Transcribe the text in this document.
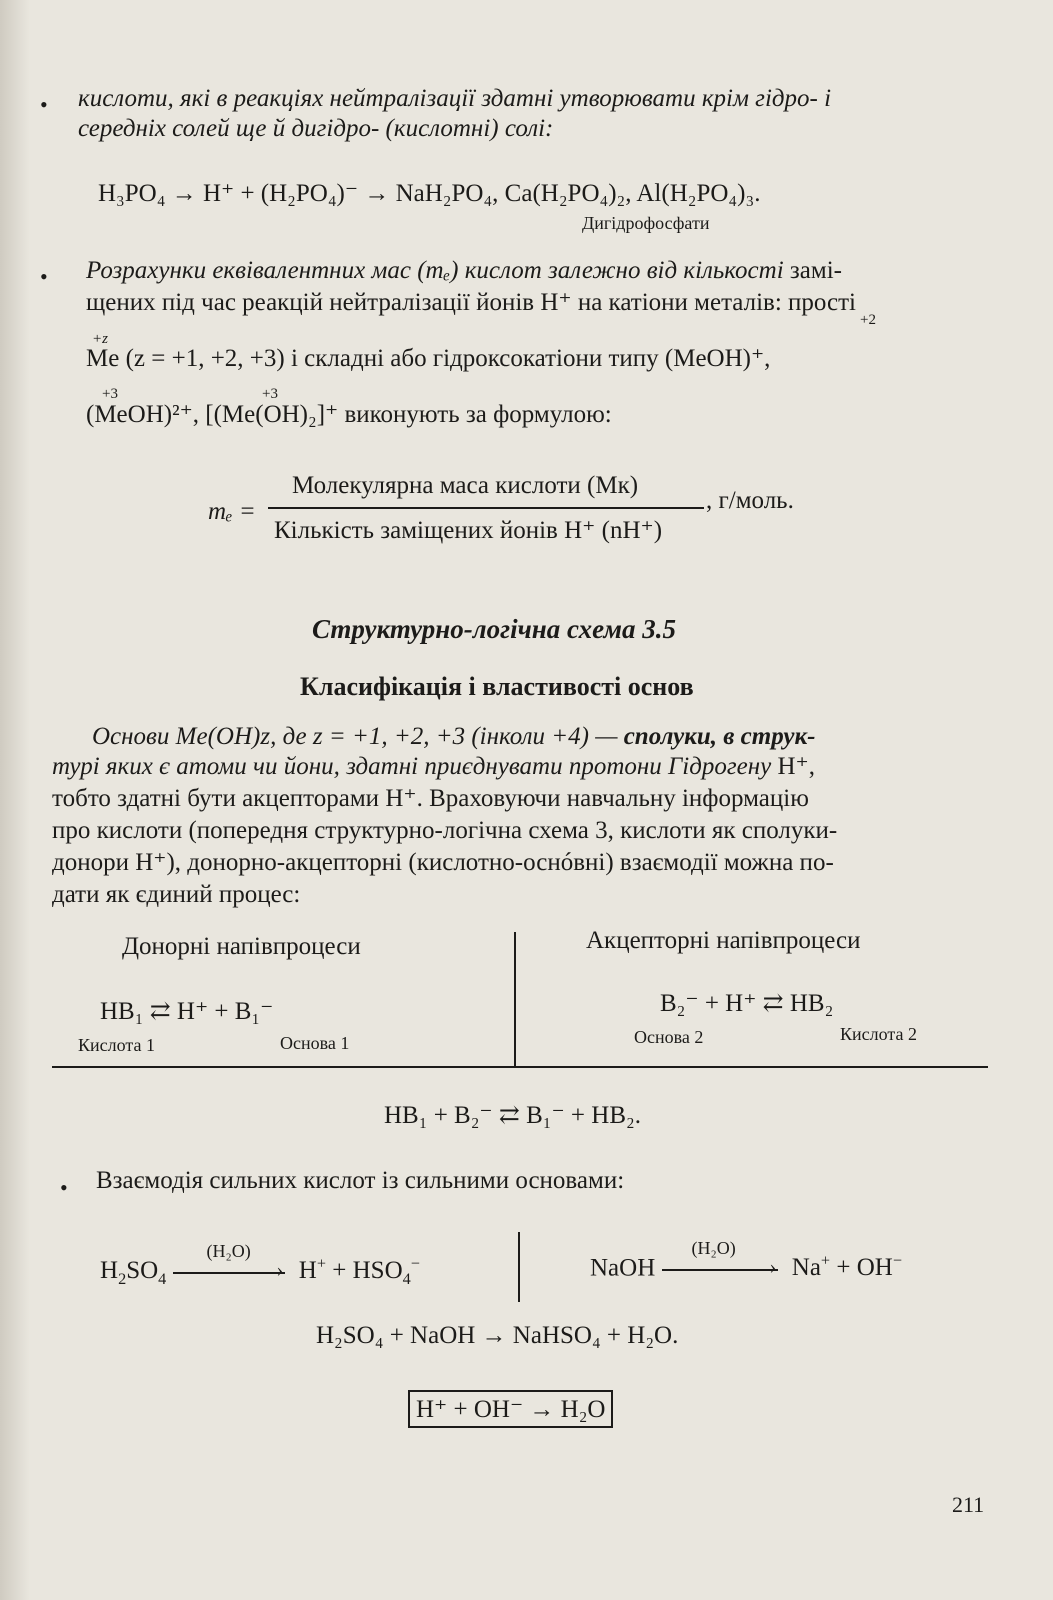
• кислоти, які в реакціях нейтралізації здатні утворювати крім гідро- і
середніх солей ще й дигідро- (кислотні) солі:
H₃PO₄ → H⁺ + (H₂PO₄)⁻ → NaH₂PO₄, Ca(H₂PO₄)₂, Al(H₂PO₄)₃.
Дигідрофосфати
• Розрахунки еквівалентних мас (mₑ) кислот залежно від кількості замі-
щених під час реакцій нейтралізації йонів H⁺ на катіони металів: прості
+z
+2
Me (z = +1, +2, +3) і складні або гідроксокатіони типу (MeOH)⁺,
+3	+3
(MeOH)²⁺, [(Me(OH)₂]⁺ виконують за формулою:
mₑ =
Молекулярна маса кислоти (Mк)
Кількість заміщених йонів H⁺ (nH⁺)
, г/моль.
Структурно-логічна схема 3.5
Класифікація і властивості основ
Основи Me(OH)z, де z = +1, +2, +3 (інколи +4) — сполуки, в струк-
турі яких є атоми чи йони, здатні приєднувати протони Гідрогену H⁺,
тобто здатні бути акцепторами H⁺. Враховуючи навчальну інформацію
про кислоти (попередня структурно-логічна схема 3, кислоти як сполуки-
донори H⁺), донорно-акцепторні (кислотно-оснóвні) взаємодії можна по-
дати як єдиний процес:
Донорні напівпроцеси	Акцепторні напівпроцеси
HB₁ ⇄ H⁺ + B₁⁻
Кислота 1	Основа 1
B₂⁻ + H⁺ ⇄ HB₂
Основа 2	Кислота 2
HB₁ + B₂⁻ ⇄ B₁⁻ + HB₂.
• Взаємодія сильних кислот із сильними основами:
$H_2SO_4$
(H₂O)
› $H^+ + HSO_4^-$	NaOH
(H₂O)
› Na+ + OH−
H₂SO₄ + NaOH → NaHSO₄ + H₂O.
H⁺ + OH⁻ → H₂O
211
